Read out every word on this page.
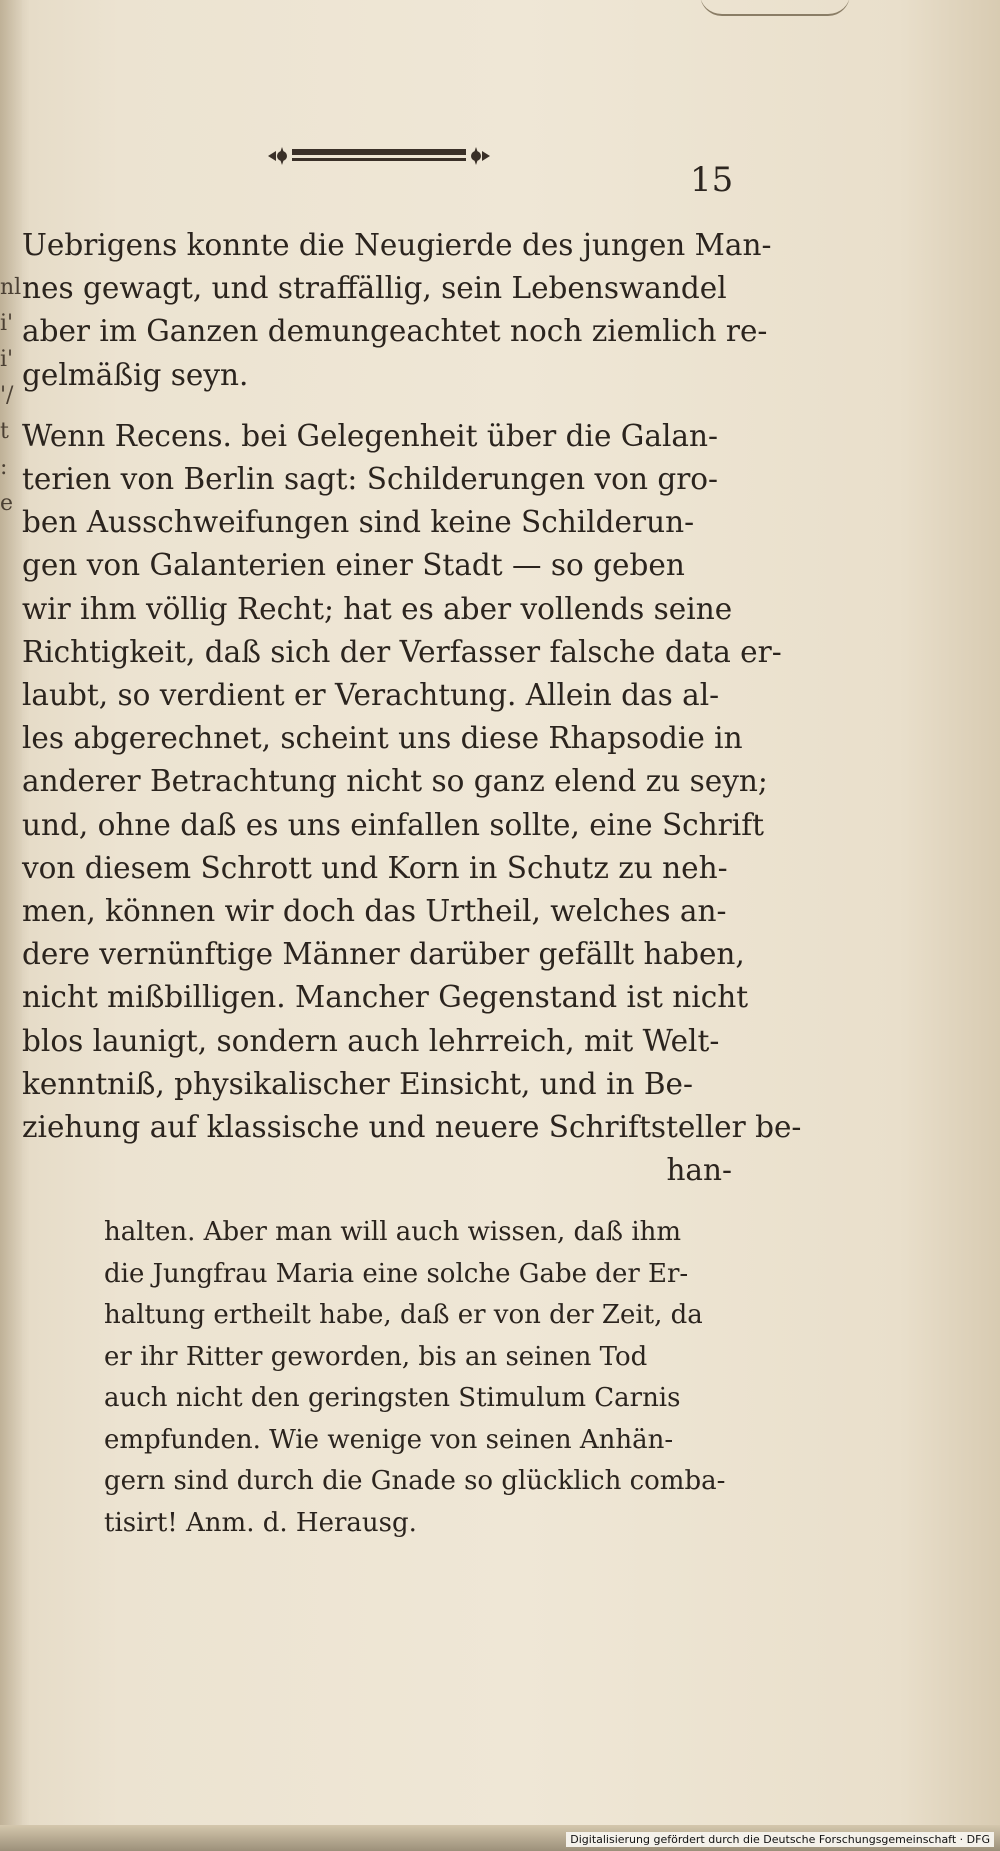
nl
i'
i'
'/
t
:
e
15
Uebrigens konnte die Neugierde des jungen Man-
nes gewagt, und straffällig, sein Lebenswandel
aber im Ganzen demungeachtet noch ziemlich re-
gelmäßig seyn.
Wenn Recens. bei Gelegenheit über die Galan-
terien von Berlin sagt: Schilderungen von gro-
ben Ausschweifungen sind keine Schilderun-
gen von Galanterien einer Stadt — so geben
wir ihm völlig Recht; hat es aber vollends seine
Richtigkeit, daß sich der Verfasser falsche data er-
laubt, so verdient er Verachtung. Allein das al-
les abgerechnet, scheint uns diese Rhapsodie in
anderer Betrachtung nicht so ganz elend zu seyn;
und, ohne daß es uns einfallen sollte, eine Schrift
von diesem Schrott und Korn in Schutz zu neh-
men, können wir doch das Urtheil, welches an-
dere vernünftige Männer darüber gefällt haben,
nicht mißbilligen. Mancher Gegenstand ist nicht
blos launigt, sondern auch lehrreich, mit Welt-
kenntniß, physikalischer Einsicht, und in Be-
ziehung auf klassische und neuere Schriftsteller be-
han-
halten. Aber man will auch wissen, daß ihm
die Jungfrau Maria eine solche Gabe der Er-
haltung ertheilt habe, daß er von der Zeit, da
er ihr Ritter geworden, bis an seinen Tod
auch nicht den geringsten Stimulum Carnis
empfunden. Wie wenige von seinen Anhän-
gern sind durch die Gnade so glücklich comba-
tisirt! Anm. d. Herausg.
Digitalisierung gefördert durch die Deutsche Forschungsgemeinschaft · DFG
